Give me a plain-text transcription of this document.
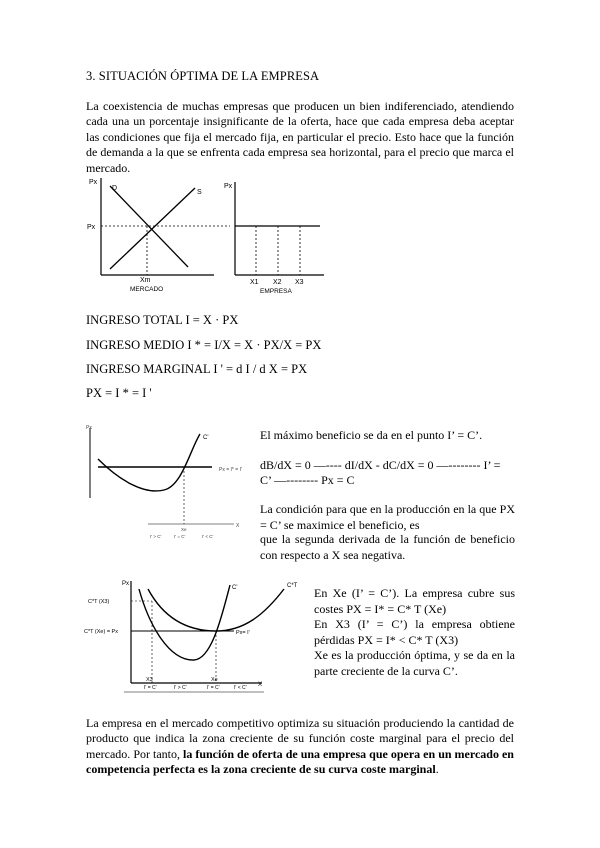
3. SITUACIÓN ÓPTIMA DE LA EMPRESA
La coexistencia de muchas empresas que producen un bien indiferenciado, atendiendo cada una un porcentaje insignificante de la oferta, hace que cada empresa deba aceptar las condiciones que fija el mercado fija, en particular el precio. Esto hace que la función de demanda a la que se enfrenta cada empresa sea horizontal, para el precio que marca el mercado.
Px
D
S
Px
Xm
MERCADO
Px
X1 X2 X3
EMPRESA
INGRESO TOTAL I = X · PX
INGRESO MEDIO I * = I/X = X · PX/X = PX
INGRESO MARGINAL I ' = d I / d X = PX
PX = I * = I '
Px
C'
Px = I* = I'
X
I' > C'
Xe
I' = C'	I' < C'
El máximo beneficio se da en el punto I’ = C’.
dB/dX = 0 —---- dI/dX - dC/dX = 0 —-------- I’ =
C’ —-------- Px = C
La condición para que en la producción en la que PX = C’ se maximice el beneficio, es
que la segunda derivada de la función de beneficio con respecto a X sea negativa.
Px
X
C'	C*T
Px= I'
C*T (X3)
C*T (Xe) = Px
X3	Xe
I' = C'	I' > C'	I' = C'	I' < C'
En Xe (I’ = C’). La empresa cubre sus costes PX = I* = C* T (Xe)
En X3 (I’ = C’) la empresa obtiene pérdidas PX = I* < C* T (X3)
Xe es la producción óptima, y se da en la parte creciente de la curva C’.
La empresa en el mercado competitivo optimiza su situación produciendo la cantidad de producto que indica la zona creciente de su función coste marginal para el precio del mercado. Por tanto, la función de oferta de una empresa que opera en un mercado en competencia perfecta es la zona creciente de su curva coste marginal.
